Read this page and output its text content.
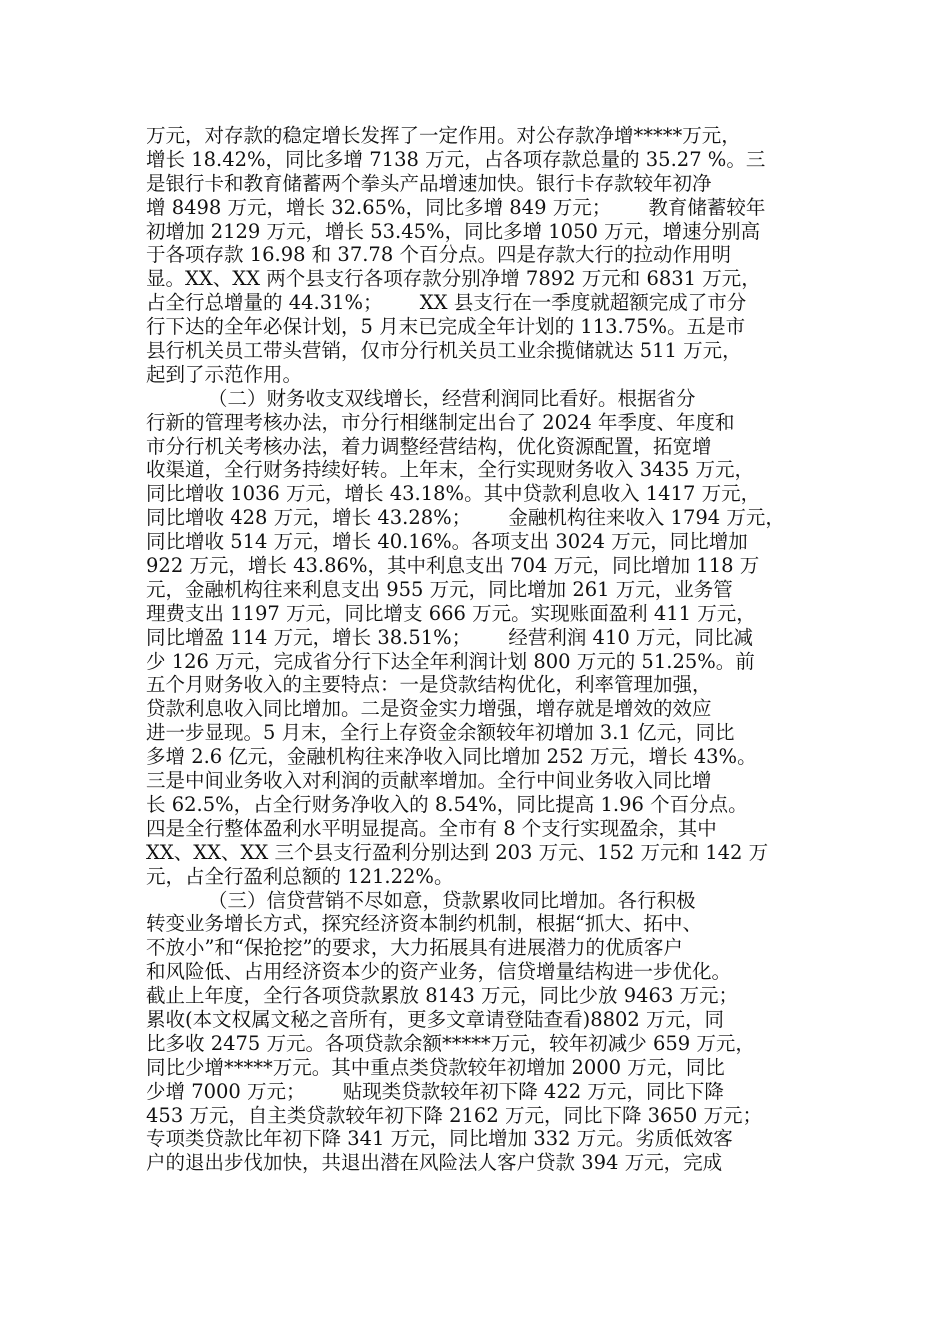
万元，对存款的稳定增长发挥了一定作用。对公存款净增*****万元，
增长 18.42%，同比多增 7138 万元，占各项存款总量的 35.27 %。三
是银行卡和教育储蓄两个拳头产品增速加快。银行卡存款较年初净
增 8498 万元，增长 32.65%，同比多增 849 万元；      教育储蓄较年
初增加 2129 万元，增长 53.45%，同比多增 1050 万元，增速分别高
于各项存款 16.98 和 37.78 个百分点。四是存款大行的拉动作用明
显。XX、XX 两个县支行各项存款分别净增 7892 万元和 6831 万元，
占全行总增量的 44.31%；      XX 县支行在一季度就超额完成了市分
行下达的全年必保计划，5 月末已完成全年计划的 113.75%。五是市
县行机关员工带头营销，仅市分行机关员工业余揽储就达 511 万元，
起到了示范作用。
（二）财务收支双线增长，经营利润同比看好。根据省分
行新的管理考核办法，市分行相继制定出台了 2024 年季度、年度和
市分行机关考核办法，着力调整经营结构，优化资源配置，拓宽增
收渠道，全行财务持续好转。上年末，全行实现财务收入 3435 万元，
同比增收 1036 万元，增长 43.18%。其中贷款利息收入 1417 万元，
同比增收 428 万元，增长 43.28%；      金融机构往来收入 1794 万元，
同比增收 514 万元，增长 40.16%。各项支出 3024 万元，同比增加
922 万元，增长 43.86%，其中利息支出 704 万元，同比增加 118 万
元，金融机构往来利息支出 955 万元，同比增加 261 万元，业务管
理费支出 1197 万元，同比增支 666 万元。实现账面盈利 411 万元，
同比增盈 114 万元，增长 38.51%；      经营利润 410 万元，同比减
少 126 万元，完成省分行下达全年利润计划 800 万元的 51.25%。前
五个月财务收入的主要特点：一是贷款结构优化，利率管理加强，
贷款利息收入同比增加。二是资金实力增强，增存就是增效的效应
进一步显现。5 月末，全行上存资金余额较年初增加 3.1 亿元，同比
多增 2.6 亿元，金融机构往来净收入同比增加 252 万元，增长 43%。
三是中间业务收入对利润的贡献率增加。全行中间业务收入同比增
长 62.5%，占全行财务净收入的 8.54%，同比提高 1.96 个百分点。
四是全行整体盈利水平明显提高。全市有 8 个支行实现盈余，其中
XX、XX、XX 三个县支行盈利分别达到 203 万元、152 万元和 142 万
元，占全行盈利总额的 121.22%。
（三）信贷营销不尽如意，贷款累收同比增加。各行积极
转变业务增长方式，探究经济资本制约机制，根据“抓大、拓中、
不放小”和“保抢挖”的要求，大力拓展具有进展潜力的优质客户
和风险低、占用经济资本少的资产业务，信贷增量结构进一步优化。
截止上年度，全行各项贷款累放 8143 万元，同比少放 9463 万元；
累收(本文权属文秘之音所有，更多文章请登陆查看)8802 万元，同
比多收 2475 万元。各项贷款余额*****万元，较年初减少 659 万元，
同比少增*****万元。其中重点类贷款较年初增加 2000 万元，同比
少增 7000 万元；      贴现类贷款较年初下降 422 万元，同比下降
453 万元，自主类贷款较年初下降 2162 万元，同比下降 3650 万元；
专项类贷款比年初下降 341 万元，同比增加 332 万元。劣质低效客
户的退出步伐加快，共退出潜在风险法人客户贷款 394 万元，完成
